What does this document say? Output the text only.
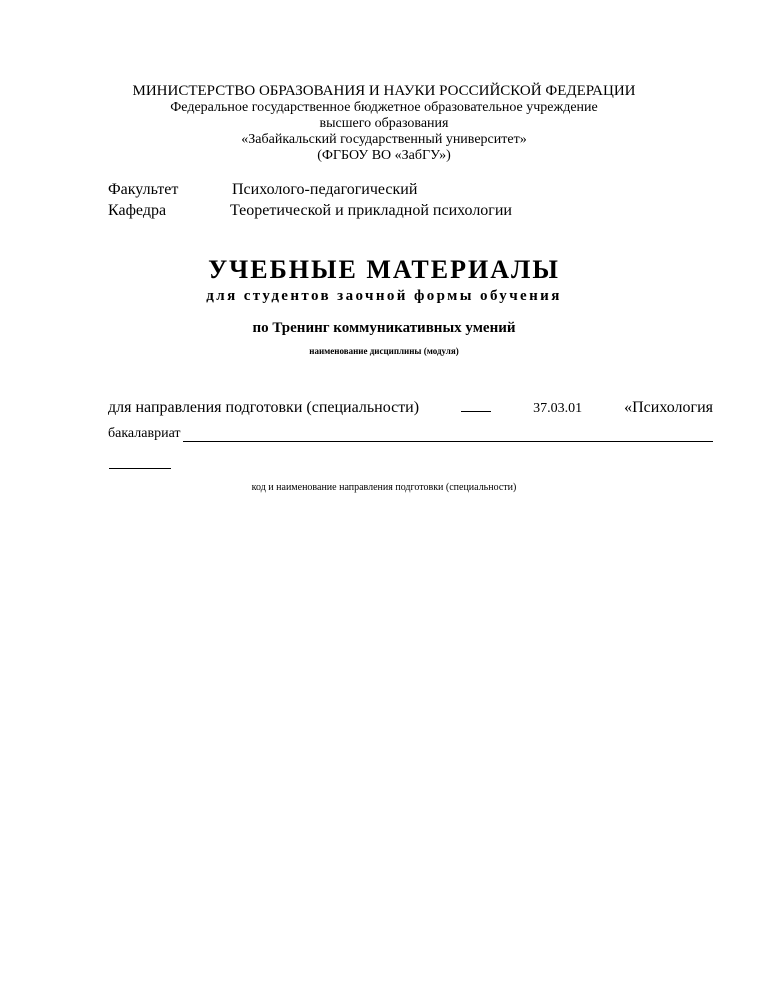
МИНИСТЕРСТВО ОБРАЗОВАНИЯ И НАУКИ РОССИЙСКОЙ ФЕДЕРАЦИИ
Федеральное государственное бюджетное образовательное учреждение
высшего образования
«Забайкальский государственный университет»
(ФГБОУ ВО «ЗабГУ»)
Факультет	Психолого-педагогический
Кафедра	Теоретической и прикладной психологии
УЧЕБНЫЕ МАТЕРИАЛЫ
для студентов заочной формы обучения
по Тренинг коммуникативных умений
наименование дисциплины (модуля)
для направления подготовки (специальности)	37.03.01	«Психология
бакалавриат
код и наименование направления подготовки (специальности)
